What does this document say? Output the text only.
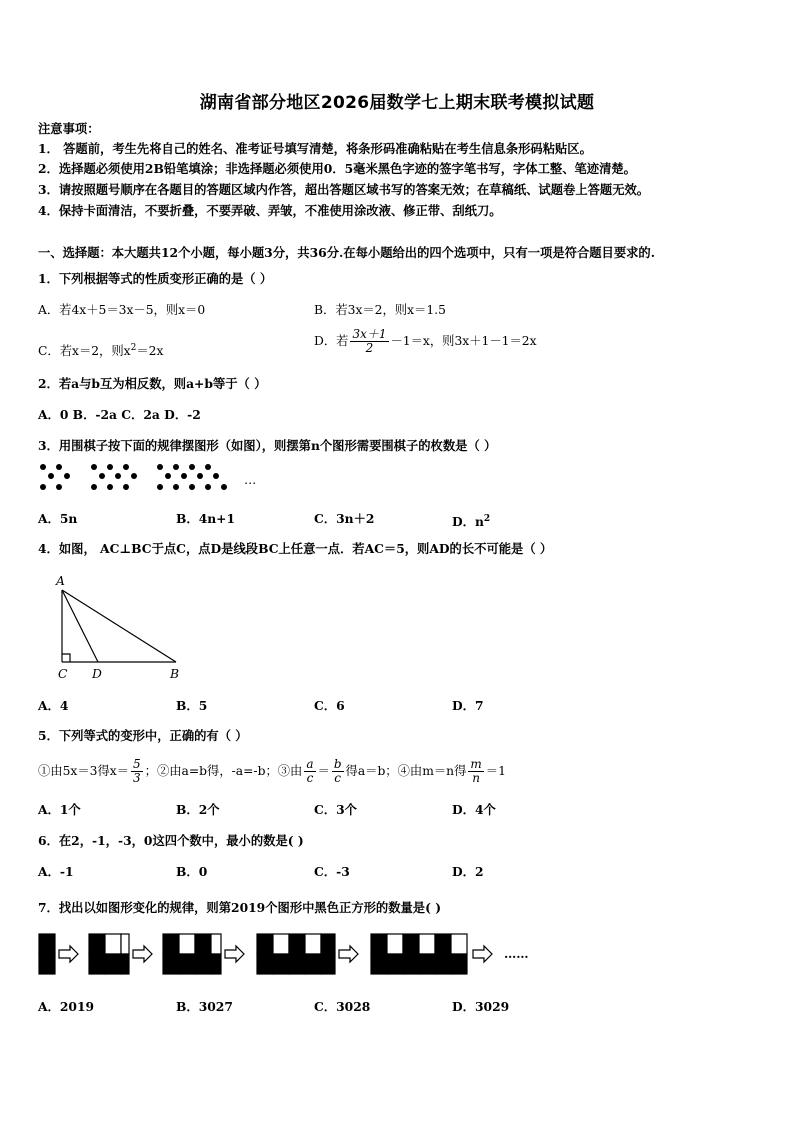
湖南省部分地区2026届数学七上期末联考模拟试题
注意事项：
1． 答题前，考生先将自己的姓名、准考证号填写清楚，将条形码准确粘贴在考生信息条形码粘贴区。
2．选择题必须使用2B铅笔填涂；非选择题必须使用0．5毫米黑色字迹的签字笔书写，字体工整、笔迹清楚。
3．请按照题号顺序在各题目的答题区域内作答，超出答题区域书写的答案无效；在草稿纸、试题卷上答题无效。
4．保持卡面清洁，不要折叠，不要弄破、弄皱，不准使用涂改液、修正带、刮纸刀。
一、选择题：本大题共12个小题，每小题3分，共36分.在每小题给出的四个选项中，只有一项是符合题目要求的.
1．下列根据等式的性质变形正确的是（ ）
A．若4x＋5＝3x－5，则x＝0	B．若3x＝2，则x＝1.5
C．若x＝2，则$x^2=2x$
D．若 $\frac{3x+1}{2} -1=x$，则3x＋1－1＝2x
2．若a与b互为相反数，则a+b等于（ ）
A．0 B．-2a C．2a D．-2
3．用围棋子按下面的规律摆图形（如图），则摆第n个图形需要围棋子的枚数是（ ）
…
A．5n	B．4n+1	C．3n＋2	D．$n^2$
4．如图， AC⊥BC于点C，点D是线段BC上任意一点．若AC＝5，则AD的长不可能是（ ）
A
C D	B
A．4	B．5	C．6	D．7
5．下列等式的变形中，正确的有（ ）
①由5x＝3得$x= \frac{5}{3}$ ；②由a=b得，-a=-b；③由 $\frac{a}{c} = \frac{b}{c}$ 得a＝b；④由m＝n得 $\frac{m}{n} =1$
A．1个	B．2个	C．3个	D．4个
6．在2，-1，-3，0这四个数中，最小的数是( )
A．-1	B．0	C．-3	D．2
7．找出以如图形变化的规律，则第2019个图形中黑色正方形的数量是( )
……
A．2019	B．3027	C．3028	D．3029
